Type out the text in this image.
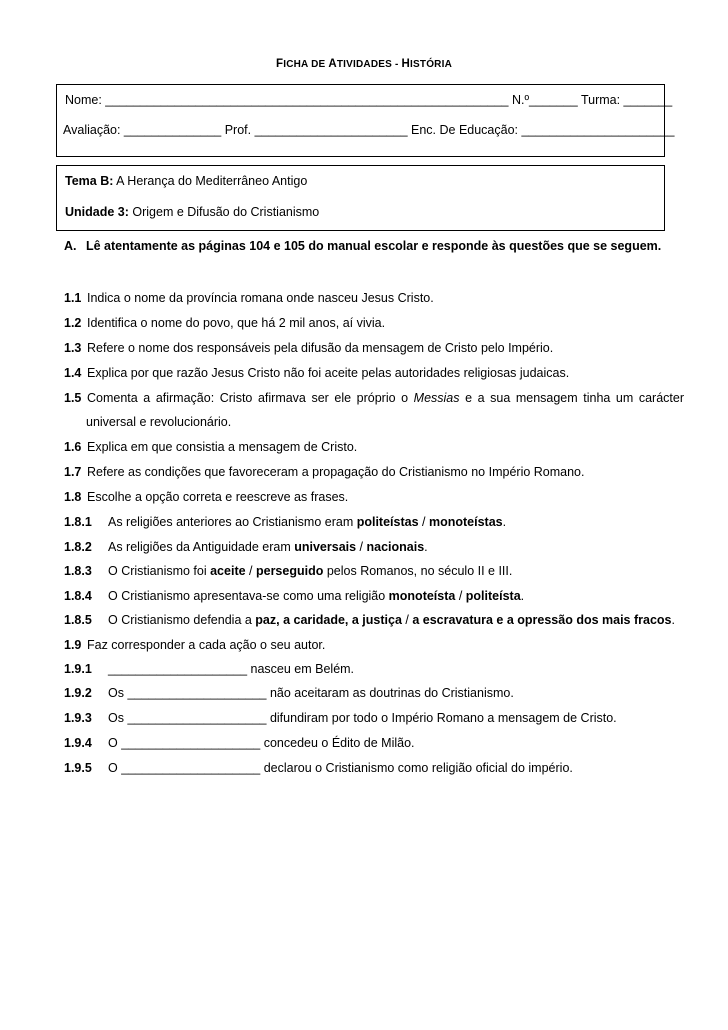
FICHA DE ATIVIDADES - HISTÓRIA
Nome: __________________________________________________________ N.º_______ Turma: _______
Avaliação: ______________ Prof. ______________________ Enc. De Educação: ______________________
Tema B: A Herança do Mediterrâneo Antigo
Unidade 3: Origem e Difusão do Cristianismo
A. Lê atentamente as páginas 104 e 105 do manual escolar e responde às questões que se seguem.
1.1 Indica o nome da província romana onde nasceu Jesus Cristo.
1.2 Identifica o nome do povo, que há 2 mil anos, aí vivia.
1.3 Refere o nome dos responsáveis pela difusão da mensagem de Cristo pelo Império.
1.4 Explica por que razão Jesus Cristo não foi aceite pelas autoridades religiosas judaicas.
1.5 Comenta a afirmação: Cristo afirmava ser ele próprio o Messias e a sua mensagem tinha um carácter
universal e revolucionário.
1.6 Explica em que consistia a mensagem de Cristo.
1.7 Refere as condições que favoreceram a propagação do Cristianismo no Império Romano.
1.8 Escolhe a opção correta e reescreve as frases.
1.8.1 As religiões anteriores ao Cristianismo eram politeístas / monoteístas.
1.8.2 As religiões da Antiguidade eram universais / nacionais.
1.8.3 O Cristianismo foi aceite / perseguido pelos Romanos, no século II e III.
1.8.4 O Cristianismo apresentava-se como uma religião monoteísta / politeísta.
1.8.5 O Cristianismo defendia a paz, a caridade, a justiça / a escravatura e a opressão dos mais fracos.
1.9 Faz corresponder a cada ação o seu autor.
1.9.1 ____________________ nasceu em Belém.
1.9.2 Os ____________________ não aceitaram as doutrinas do Cristianismo.
1.9.3 Os ____________________ difundiram por todo o Império Romano a mensagem de Cristo.
1.9.4 O ____________________ concedeu o Édito de Milão.
1.9.5 O ____________________ declarou o Cristianismo como religião oficial do império.
